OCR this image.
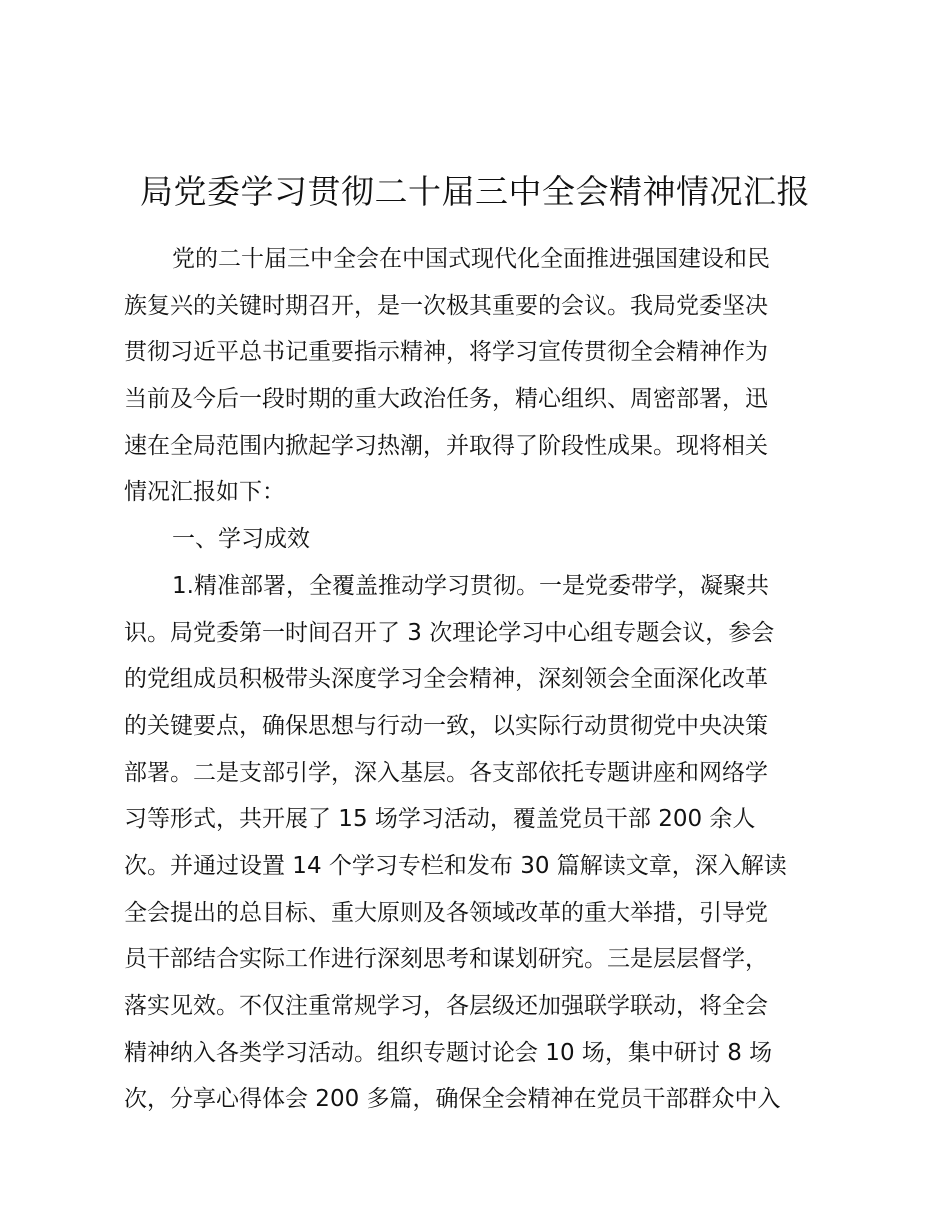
局党委学习贯彻二十届三中全会精神情况汇报
党的二十届三中全会在中国式现代化全面推进强国建设和民
族复兴的关键时期召开，是一次极其重要的会议。我局党委坚决
贯彻习近平总书记重要指示精神，将学习宣传贯彻全会精神作为
当前及今后一段时期的重大政治任务，精心组织、周密部署，迅
速在全局范围内掀起学习热潮，并取得了阶段性成果。现将相关
情况汇报如下：
一、学习成效
1.精准部署，全覆盖推动学习贯彻。一是党委带学，凝聚共
识。局党委第一时间召开了 3 次理论学习中心组专题会议，参会
的党组成员积极带头深度学习全会精神，深刻领会全面深化改革
的关键要点，确保思想与行动一致，以实际行动贯彻党中央决策
部署。二是支部引学，深入基层。各支部依托专题讲座和网络学
习等形式，共开展了 15 场学习活动，覆盖党员干部 200 余人
次。并通过设置 14 个学习专栏和发布 30 篇解读文章，深入解读
全会提出的总目标、重大原则及各领域改革的重大举措，引导党
员干部结合实际工作进行深刻思考和谋划研究。三是层层督学，
落实见效。不仅注重常规学习，各层级还加强联学联动，将全会
精神纳入各类学习活动。组织专题讨论会 10 场，集中研讨 8 场
次，分享心得体会 200 多篇，确保全会精神在党员干部群众中入
